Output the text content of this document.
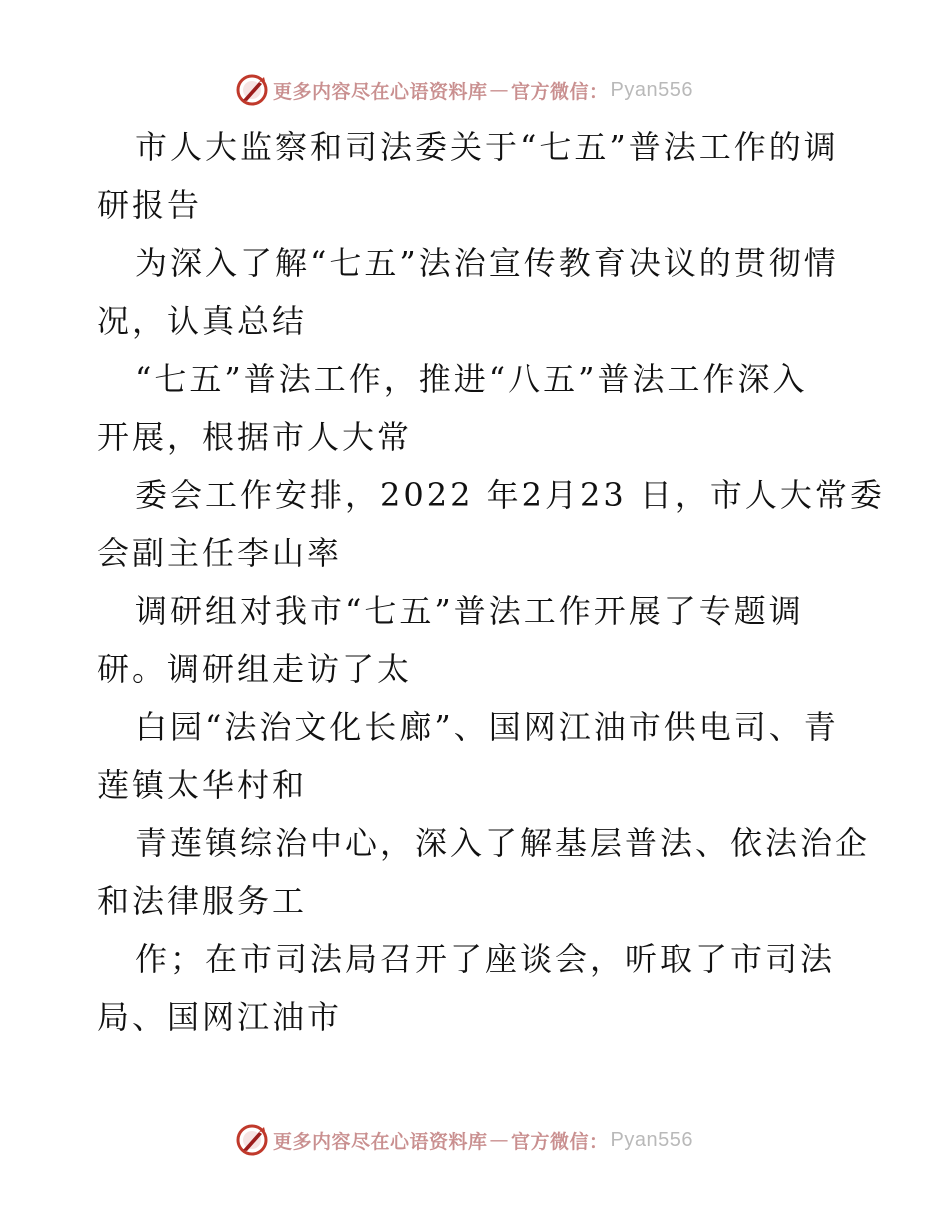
更多内容尽在心语资料库 — 官方微信： Pyan556

市人大监察和司法委关于“七五”普法工作的调
研报告

为深入了解“七五”法治宣传教育决议的贯彻情
况，认真总结

“七五”普法工作，推进“八五”普法工作深入
开展，根据市人大常

委会工作安排，2022 年2月23 日，市人大常委
会副主任李山率

调研组对我市“七五”普法工作开展了专题调
研。调研组走访了太

白园“法治文化长廊”、国网江油市供电司、青
莲镇太华村和

青莲镇综治中心，深入了解基层普法、依法治企
和法律服务工

作；在市司法局召开了座谈会，听取了市司法
局、国网江油市

更多内容尽在心语资料库 — 官方微信： Pyan556
